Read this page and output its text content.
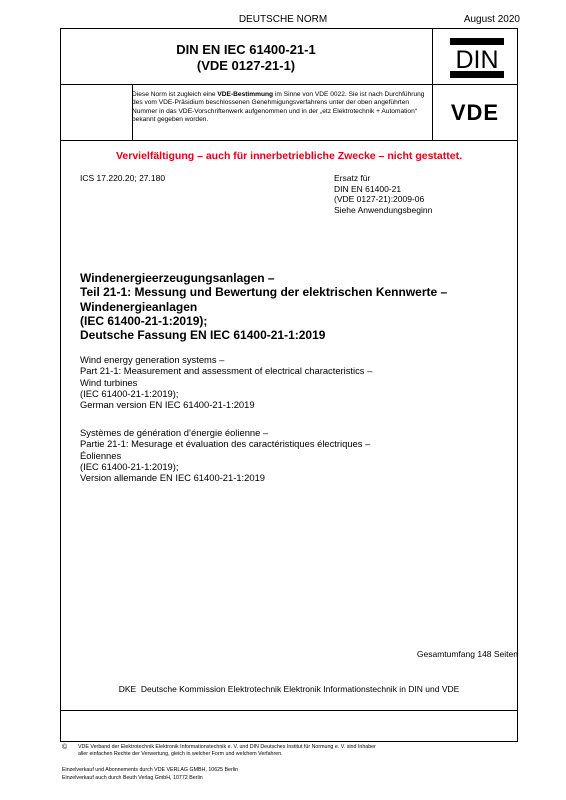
DEUTSCHE NORM	August 2020
DIN EN IEC 61400-21-1
(VDE 0127-21-1)	DIN
Diese Norm ist zugleich eine VDE-Bestimmung im Sinne von VDE 0022. Sie ist nach Durchführung des vom VDE-Präsidium beschlossenen Genehmigungsverfahrens unter der oben angeführten Nummer in das VDE-Vorschriftenwerk aufgenommen und in der „etz Elektrotechnik + Automation“ bekannt gegeben worden.	VDE
Vervielfältigung – auch für innerbetriebliche Zwecke – nicht gestattet.
ICS 17.220.20; 27.180	Ersatz für
DIN EN 61400-21
(VDE 0127-21):2009-06
Siehe Anwendungsbeginn
Windenergieerzeugungsanlagen –
Teil 21-1: Messung und Bewertung der elektrischen Kennwerte –
Windenergieanlagen
(IEC 61400-21-1:2019);
Deutsche Fassung EN IEC 61400-21-1:2019
Wind energy generation systems –
Part 21-1: Measurement and assessment of electrical characteristics –
Wind turbines
(IEC 61400-21-1:2019);
German version EN IEC 61400-21-1:2019
Systèmes de génération d’énergie éolienne –
Partie 21-1: Mesurage et évaluation des caractéristiques électriques –
Éoliennes
(IEC 61400-21-1:2019);
Version allemande EN IEC 61400-21-1:2019
Gesamtumfang 148 Seiten
DKE  Deutsche Kommission Elektrotechnik Elektronik Informationstechnik in DIN und VDE
© VDE Verband der Elektrotechnik Elektronik Informationstechnik e. V. und DIN Deutsches Institut für Normung e. V. sind Inhaber
aller einfachen Rechte der Verwertung, gleich in welcher Form und welchem Verfahren.
Einzelverkauf und Abonnements durch VDE VERLAG GMBH, 10625 Berlin
Einzelverkauf auch durch Beuth Verlag GmbH, 10772 Berlin
